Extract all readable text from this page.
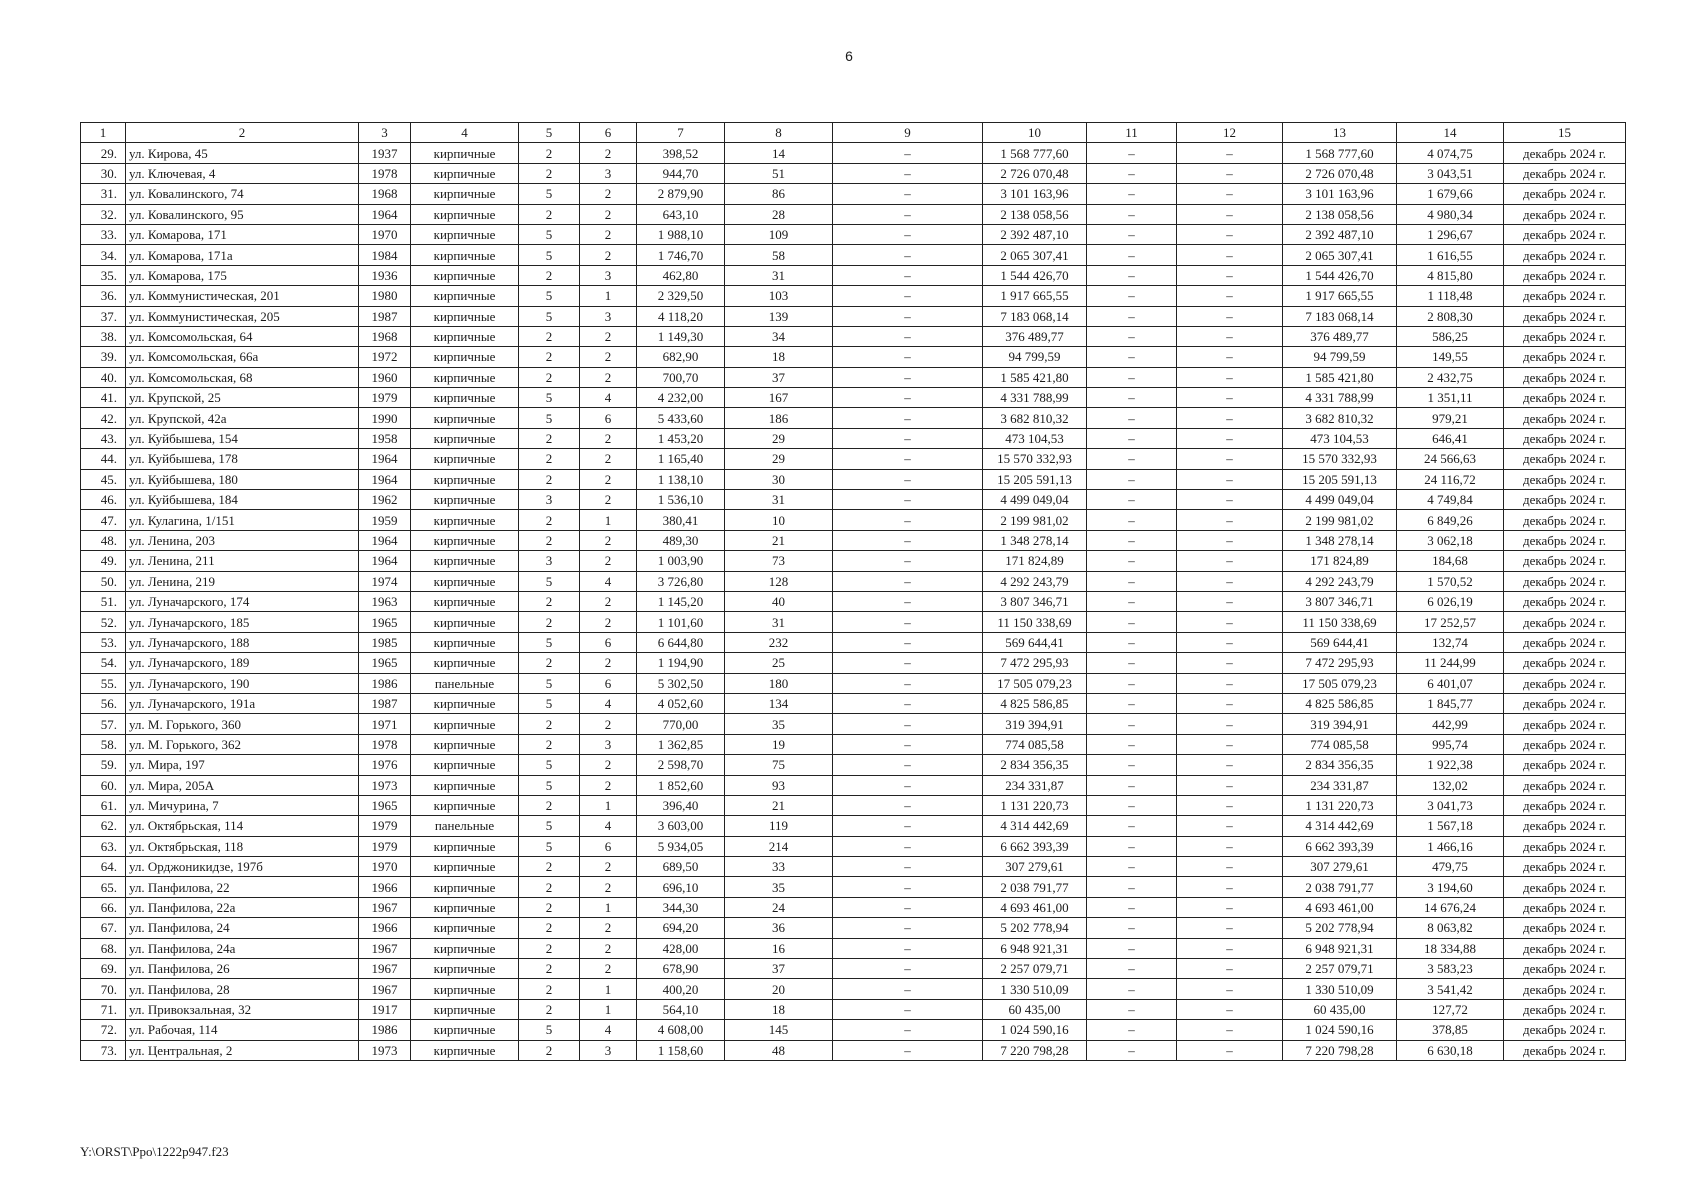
6
1	2	3	4	5	6	7	8	9	10	11	12	13	14	15
29.	ул. Кирова, 45	1937	кирпичные	2	2	398,52	14	–	1 568 777,60	–	–	1 568 777,60	4 074,75	декабрь 2024 г.
30.	ул. Ключевая, 4	1978	кирпичные	2	3	944,70	51	–	2 726 070,48	–	–	2 726 070,48	3 043,51	декабрь 2024 г.
31.	ул. Ковалинского, 74	1968	кирпичные	5	2	2 879,90	86	–	3 101 163,96	–	–	3 101 163,96	1 679,66	декабрь 2024 г.
32.	ул. Ковалинского, 95	1964	кирпичные	2	2	643,10	28	–	2 138 058,56	–	–	2 138 058,56	4 980,34	декабрь 2024 г.
33.	ул. Комарова, 171	1970	кирпичные	5	2	1 988,10	109	–	2 392 487,10	–	–	2 392 487,10	1 296,67	декабрь 2024 г.
34.	ул. Комарова, 171а	1984	кирпичные	5	2	1 746,70	58	–	2 065 307,41	–	–	2 065 307,41	1 616,55	декабрь 2024 г.
35.	ул. Комарова, 175	1936	кирпичные	2	3	462,80	31	–	1 544 426,70	–	–	1 544 426,70	4 815,80	декабрь 2024 г.
36.	ул. Коммунистическая, 201	1980	кирпичные	5	1	2 329,50	103	–	1 917 665,55	–	–	1 917 665,55	1 118,48	декабрь 2024 г.
37.	ул. Коммунистическая, 205	1987	кирпичные	5	3	4 118,20	139	–	7 183 068,14	–	–	7 183 068,14	2 808,30	декабрь 2024 г.
38.	ул. Комсомольская, 64	1968	кирпичные	2	2	1 149,30	34	–	376 489,77	–	–	376 489,77	586,25	декабрь 2024 г.
39.	ул. Комсомольская, 66а	1972	кирпичные	2	2	682,90	18	–	94 799,59	–	–	94 799,59	149,55	декабрь 2024 г.
40.	ул. Комсомольская, 68	1960	кирпичные	2	2	700,70	37	–	1 585 421,80	–	–	1 585 421,80	2 432,75	декабрь 2024 г.
41.	ул. Крупской, 25	1979	кирпичные	5	4	4 232,00	167	–	4 331 788,99	–	–	4 331 788,99	1 351,11	декабрь 2024 г.
42.	ул. Крупской, 42а	1990	кирпичные	5	6	5 433,60	186	–	3 682 810,32	–	–	3 682 810,32	979,21	декабрь 2024 г.
43.	ул. Куйбышева, 154	1958	кирпичные	2	2	1 453,20	29	–	473 104,53	–	–	473 104,53	646,41	декабрь 2024 г.
44.	ул. Куйбышева, 178	1964	кирпичные	2	2	1 165,40	29	–	15 570 332,93	–	–	15 570 332,93	24 566,63	декабрь 2024 г.
45.	ул. Куйбышева, 180	1964	кирпичные	2	2	1 138,10	30	–	15 205 591,13	–	–	15 205 591,13	24 116,72	декабрь 2024 г.
46.	ул. Куйбышева, 184	1962	кирпичные	3	2	1 536,10	31	–	4 499 049,04	–	–	4 499 049,04	4 749,84	декабрь 2024 г.
47.	ул. Кулагина, 1/151	1959	кирпичные	2	1	380,41	10	–	2 199 981,02	–	–	2 199 981,02	6 849,26	декабрь 2024 г.
48.	ул. Ленина, 203	1964	кирпичные	2	2	489,30	21	–	1 348 278,14	–	–	1 348 278,14	3 062,18	декабрь 2024 г.
49.	ул. Ленина, 211	1964	кирпичные	3	2	1 003,90	73	–	171 824,89	–	–	171 824,89	184,68	декабрь 2024 г.
50.	ул. Ленина, 219	1974	кирпичные	5	4	3 726,80	128	–	4 292 243,79	–	–	4 292 243,79	1 570,52	декабрь 2024 г.
51.	ул. Луначарского, 174	1963	кирпичные	2	2	1 145,20	40	–	3 807 346,71	–	–	3 807 346,71	6 026,19	декабрь 2024 г.
52.	ул. Луначарского, 185	1965	кирпичные	2	2	1 101,60	31	–	11 150 338,69	–	–	11 150 338,69	17 252,57	декабрь 2024 г.
53.	ул. Луначарского, 188	1985	кирпичные	5	6	6 644,80	232	–	569 644,41	–	–	569 644,41	132,74	декабрь 2024 г.
54.	ул. Луначарского, 189	1965	кирпичные	2	2	1 194,90	25	–	7 472 295,93	–	–	7 472 295,93	11 244,99	декабрь 2024 г.
55.	ул. Луначарского, 190	1986	панельные	5	6	5 302,50	180	–	17 505 079,23	–	–	17 505 079,23	6 401,07	декабрь 2024 г.
56.	ул. Луначарского, 191а	1987	кирпичные	5	4	4 052,60	134	–	4 825 586,85	–	–	4 825 586,85	1 845,77	декабрь 2024 г.
57.	ул. М. Горького, 360	1971	кирпичные	2	2	770,00	35	–	319 394,91	–	–	319 394,91	442,99	декабрь 2024 г.
58.	ул. М. Горького, 362	1978	кирпичные	2	3	1 362,85	19	–	774 085,58	–	–	774 085,58	995,74	декабрь 2024 г.
59.	ул. Мира, 197	1976	кирпичные	5	2	2 598,70	75	–	2 834 356,35	–	–	2 834 356,35	1 922,38	декабрь 2024 г.
60.	ул. Мира, 205А	1973	кирпичные	5	2	1 852,60	93	–	234 331,87	–	–	234 331,87	132,02	декабрь 2024 г.
61.	ул. Мичурина, 7	1965	кирпичные	2	1	396,40	21	–	1 131 220,73	–	–	1 131 220,73	3 041,73	декабрь 2024 г.
62.	ул. Октябрьская, 114	1979	панельные	5	4	3 603,00	119	–	4 314 442,69	–	–	4 314 442,69	1 567,18	декабрь 2024 г.
63.	ул. Октябрьская, 118	1979	кирпичные	5	6	5 934,05	214	–	6 662 393,39	–	–	6 662 393,39	1 466,16	декабрь 2024 г.
64.	ул. Орджоникидзе, 197б	1970	кирпичные	2	2	689,50	33	–	307 279,61	–	–	307 279,61	479,75	декабрь 2024 г.
65.	ул. Панфилова, 22	1966	кирпичные	2	2	696,10	35	–	2 038 791,77	–	–	2 038 791,77	3 194,60	декабрь 2024 г.
66.	ул. Панфилова, 22а	1967	кирпичные	2	1	344,30	24	–	4 693 461,00	–	–	4 693 461,00	14 676,24	декабрь 2024 г.
67.	ул. Панфилова, 24	1966	кирпичные	2	2	694,20	36	–	5 202 778,94	–	–	5 202 778,94	8 063,82	декабрь 2024 г.
68.	ул. Панфилова, 24а	1967	кирпичные	2	2	428,00	16	–	6 948 921,31	–	–	6 948 921,31	18 334,88	декабрь 2024 г.
69.	ул. Панфилова, 26	1967	кирпичные	2	2	678,90	37	–	2 257 079,71	–	–	2 257 079,71	3 583,23	декабрь 2024 г.
70.	ул. Панфилова, 28	1967	кирпичные	2	1	400,20	20	–	1 330 510,09	–	–	1 330 510,09	3 541,42	декабрь 2024 г.
71.	ул. Привокзальная, 32	1917	кирпичные	2	1	564,10	18	–	60 435,00	–	–	60 435,00	127,72	декабрь 2024 г.
72.	ул. Рабочая, 114	1986	кирпичные	5	4	4 608,00	145	–	1 024 590,16	–	–	1 024 590,16	378,85	декабрь 2024 г.
73.	ул. Центральная, 2	1973	кирпичные	2	3	1 158,60	48	–	7 220 798,28	–	–	7 220 798,28	6 630,18	декабрь 2024 г.
Y:\ORST\Ppo\1222p947.f23
